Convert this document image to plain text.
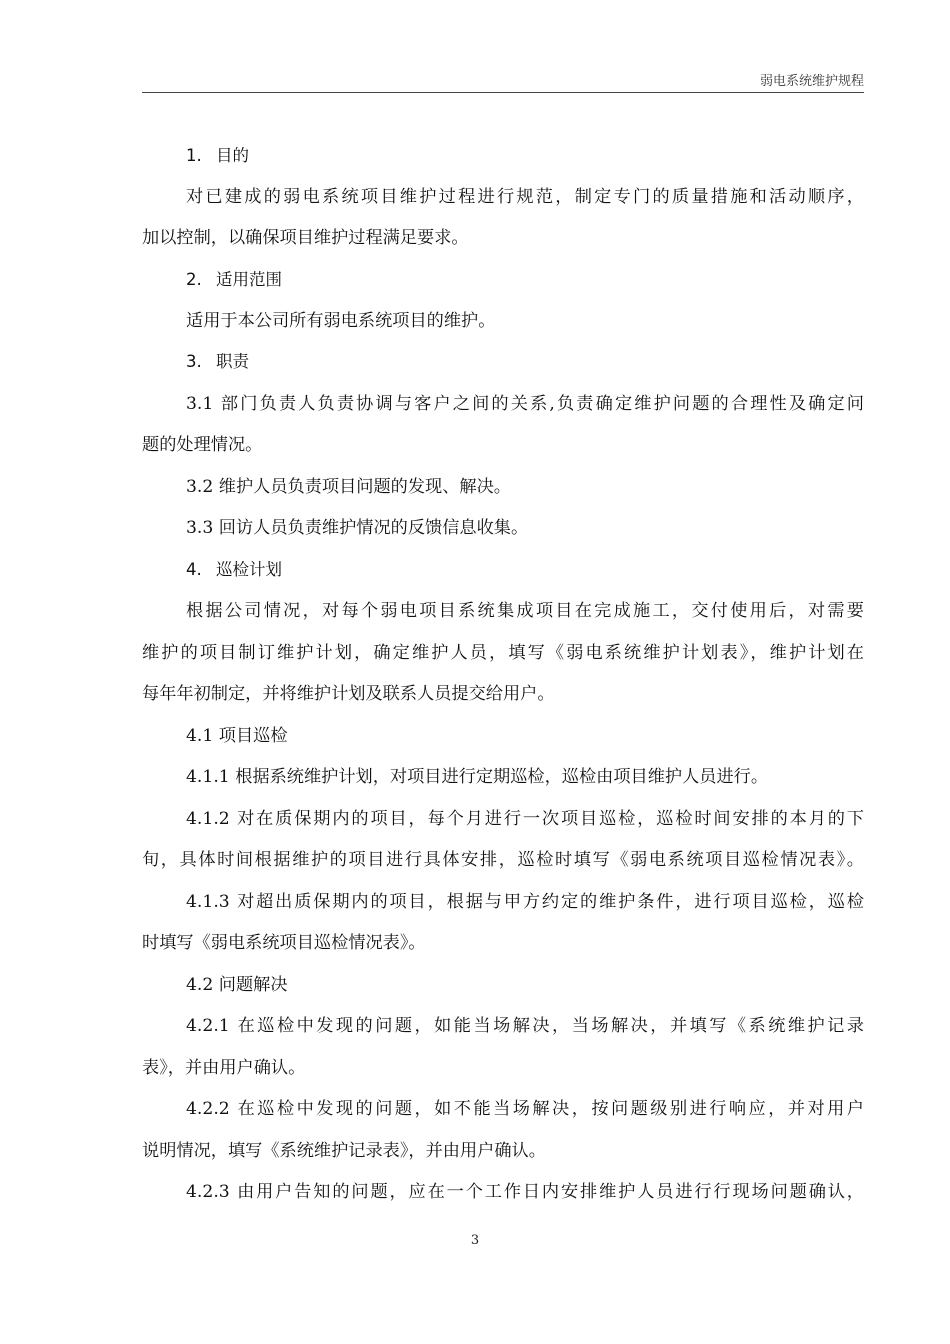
弱电系统维护规程
1. 目的
对已建成的弱电系统项目维护过程进行规范，制定专门的质量措施和活动顺序，
加以控制，以确保项目维护过程满足要求。
2. 适用范围
适用于本公司所有弱电系统项目的维护。
3. 职责
3.1 部门负责人负责协调与客户之间的关系,负责确定维护问题的合理性及确定问
题的处理情况。
3.2 维护人员负责项目问题的发现、解决。
3.3 回访人员负责维护情况的反馈信息收集。
4. 巡检计划
根据公司情况，对每个弱电项目系统集成项目在完成施工，交付使用后，对需要
维护的项目制订维护计划，确定维护人员，填写《弱电系统维护计划表》，维护计划在
每年年初制定，并将维护计划及联系人员提交给用户。
4.1 项目巡检
4.1.1 根据系统维护计划，对项目进行定期巡检，巡检由项目维护人员进行。
4.1.2 对在质保期内的项目，每个月进行一次项目巡检，巡检时间安排的本月的下
旬，具体时间根据维护的项目进行具体安排，巡检时填写《弱电系统项目巡检情况表》。
4.1.3 对超出质保期内的项目，根据与甲方约定的维护条件，进行项目巡检，巡检
时填写《弱电系统项目巡检情况表》。
4.2 问题解决
4.2.1 在巡检中发现的问题，如能当场解决，当场解决，并填写《系统维护记录
表》，并由用户确认。
4.2.2 在巡检中发现的问题，如不能当场解决，按问题级别进行响应，并对用户
说明情况，填写《系统维护记录表》，并由用户确认。
4.2.3 由用户告知的问题，应在一个工作日内安排维护人员进行行现场问题确认，
3
